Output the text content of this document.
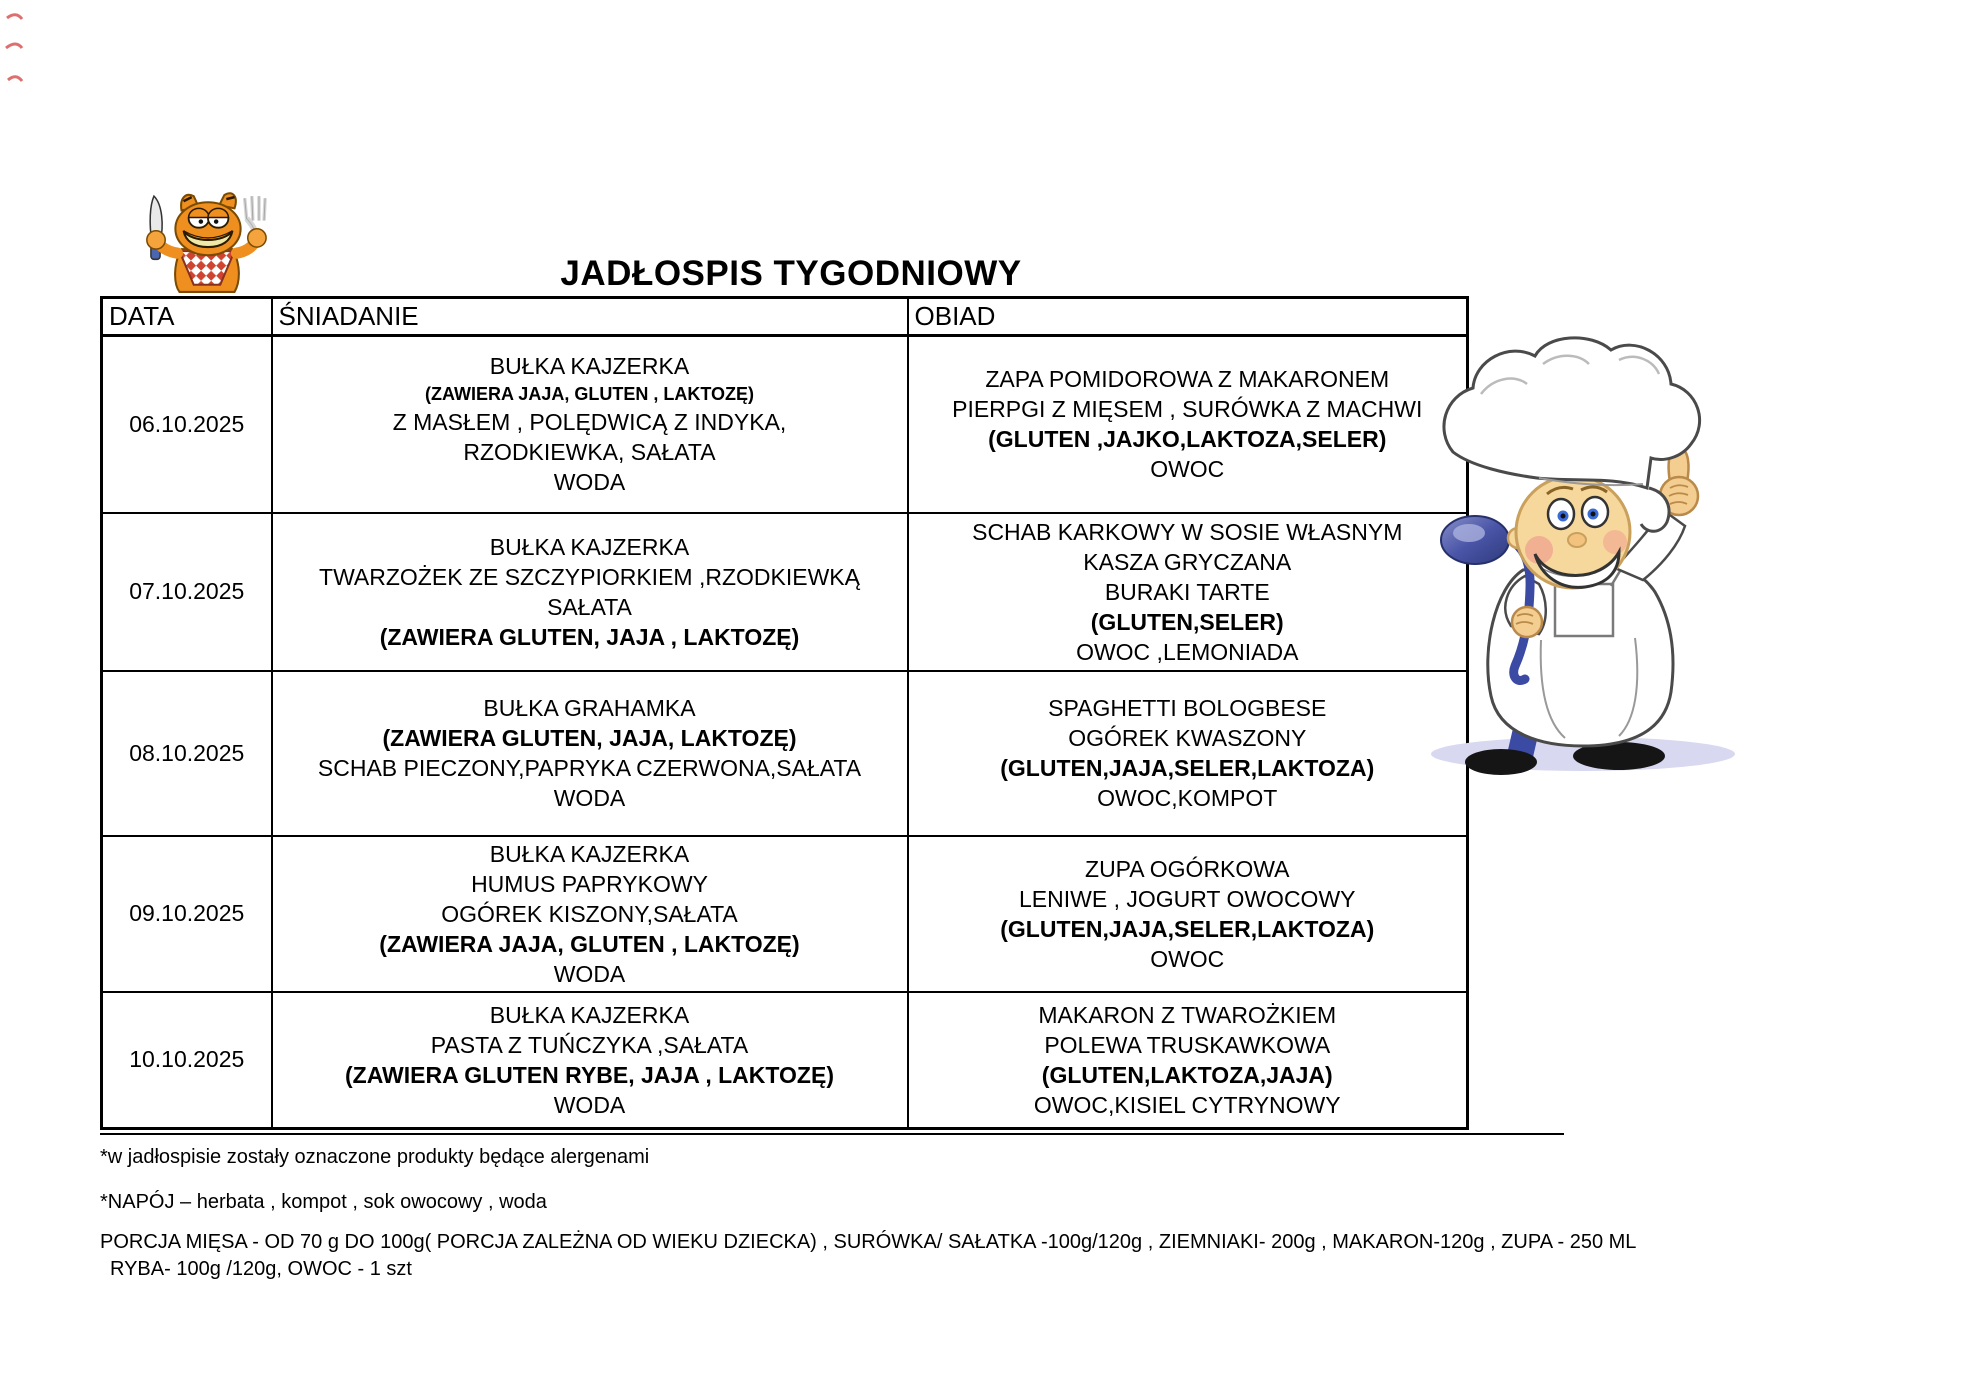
JADŁOSPIS TYGODNIOWY
DATA	ŚNIADANIE	OBIAD
06.10.2025	
BUŁKA KAJZERKA
(ZAWIERA JAJA, GLUTEN , LAKTOZĘ)
Z MASŁEM , POLĘDWICĄ Z INDYKA,
RZODKIEWKA, SAŁATA
WODA

ZAPA POMIDOROWA Z MAKARONEM
PIERPGI Z MIĘSEM , SURÓWKA Z MACHWI
(GLUTEN ,JAJKO,LAKTOZA,SELER)
OWOC

07.10.2025	
BUŁKA KAJZERKA
TWARZOŻEK ZE SZCZYPIORKIEM ,RZODKIEWKĄ
SAŁATA
(ZAWIERA GLUTEN, JAJA , LAKTOZĘ)

SCHAB KARKOWY W SOSIE WŁASNYM
KASZA GRYCZANA
BURAKI TARTE
(GLUTEN,SELER)
OWOC ,LEMONIADA

08.10.2025	
BUŁKA GRAHAMKA
(ZAWIERA GLUTEN, JAJA, LAKTOZĘ)
SCHAB PIECZONY,PAPRYKA CZERWONA,SAŁATA
WODA

SPAGHETTI BOLOGBESE
OGÓREK KWASZONY
(GLUTEN,JAJA,SELER,LAKTOZA)
OWOC,KOMPOT

09.10.2025	
BUŁKA KAJZERKA
HUMUS PAPRYKOWY
OGÓREK KISZONY,SAŁATA
(ZAWIERA JAJA, GLUTEN , LAKTOZĘ)
WODA

ZUPA OGÓRKOWA
LENIWE , JOGURT OWOCOWY
(GLUTEN,JAJA,SELER,LAKTOZA)
OWOC

10.10.2025	
BUŁKA KAJZERKA
PASTA Z TUŃCZYKA ,SAŁATA
(ZAWIERA GLUTEN RYBE, JAJA , LAKTOZĘ)
WODA

MAKARON Z TWAROŻKIEM
POLEWA TRUSKAWKOWA
(GLUTEN,LAKTOZA,JAJA)
OWOC,KISIEL CYTRYNOWY
*w jadłospisie zostały oznaczone produkty będące alergenami
*NAPÓJ – herbata , kompot , sok owocowy , woda
PORCJA MIĘSA - OD 70 g DO 100g( PORCJA ZALEŻNA OD WIEKU DZIECKA) , SURÓWKA/ SAŁATKA -100g/120g , ZIEMNIAKI- 200g , MAKARON-120g , ZUPA - 250 ML
RYBA- 100g /120g, OWOC - 1 szt
